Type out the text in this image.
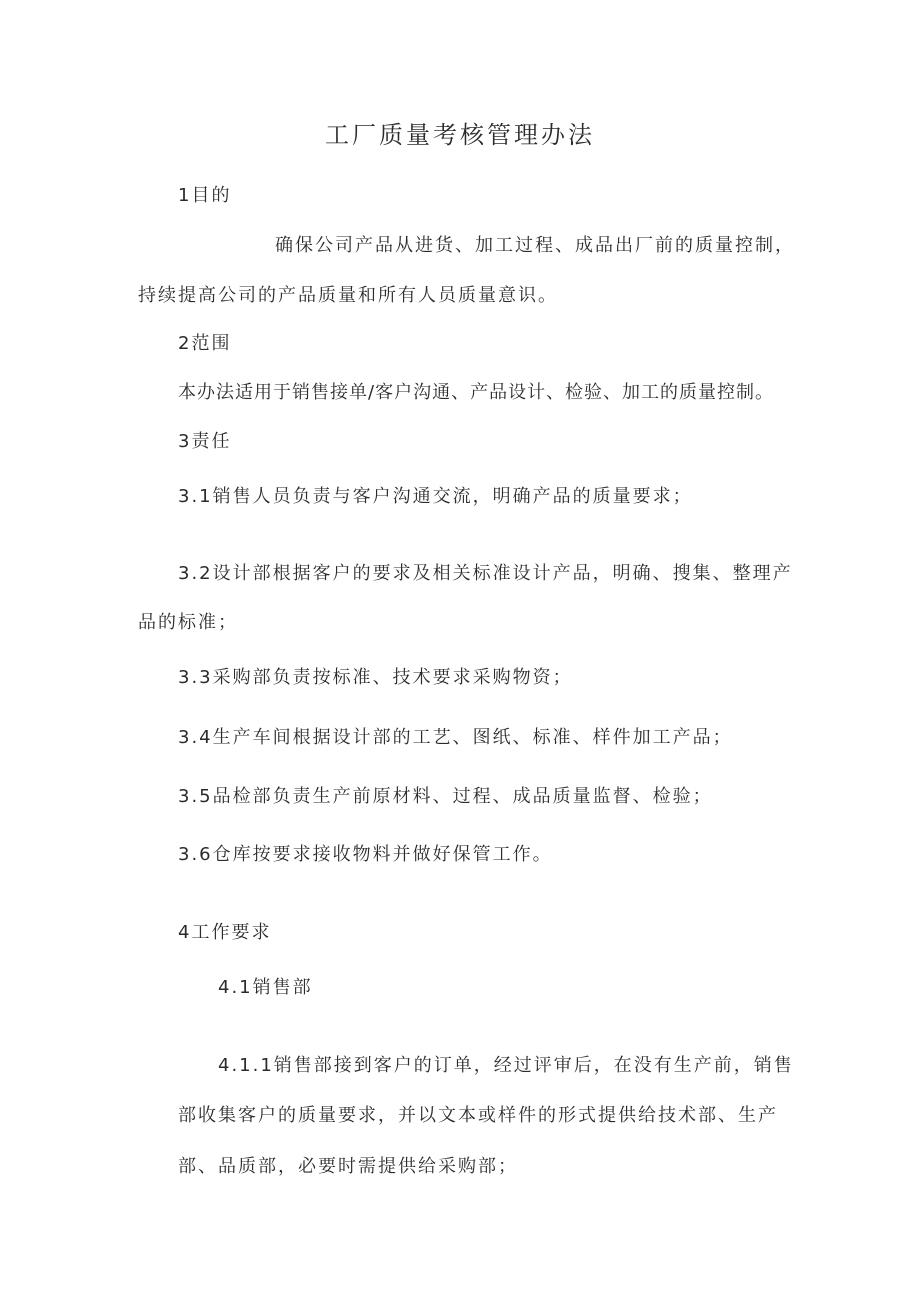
工厂质量考核管理办法
1目的
确保公司产品从进货、加工过程、成品出厂前的质量控制，
持续提高公司的产品质量和所有人员质量意识。
2范围
本办法适用于销售接单/客户沟通、产品设计、检验、加工的质量控制。
3责任
3.1销售人员负责与客户沟通交流，明确产品的质量要求；
3.2设计部根据客户的要求及相关标准设计产品，明确、搜集、整理产
品的标准；
3.3采购部负责按标准、技术要求采购物资；
3.4生产车间根据设计部的工艺、图纸、标准、样件加工产品；
3.5品检部负责生产前原材料、过程、成品质量监督、检验；
3.6仓库按要求接收物料并做好保管工作。
4工作要求
4.1销售部
4.1.1销售部接到客户的订单，经过评审后，在没有生产前，销售
部收集客户的质量要求，并以文本或样件的形式提供给技术部、生产
部、品质部，必要时需提供给采购部；
